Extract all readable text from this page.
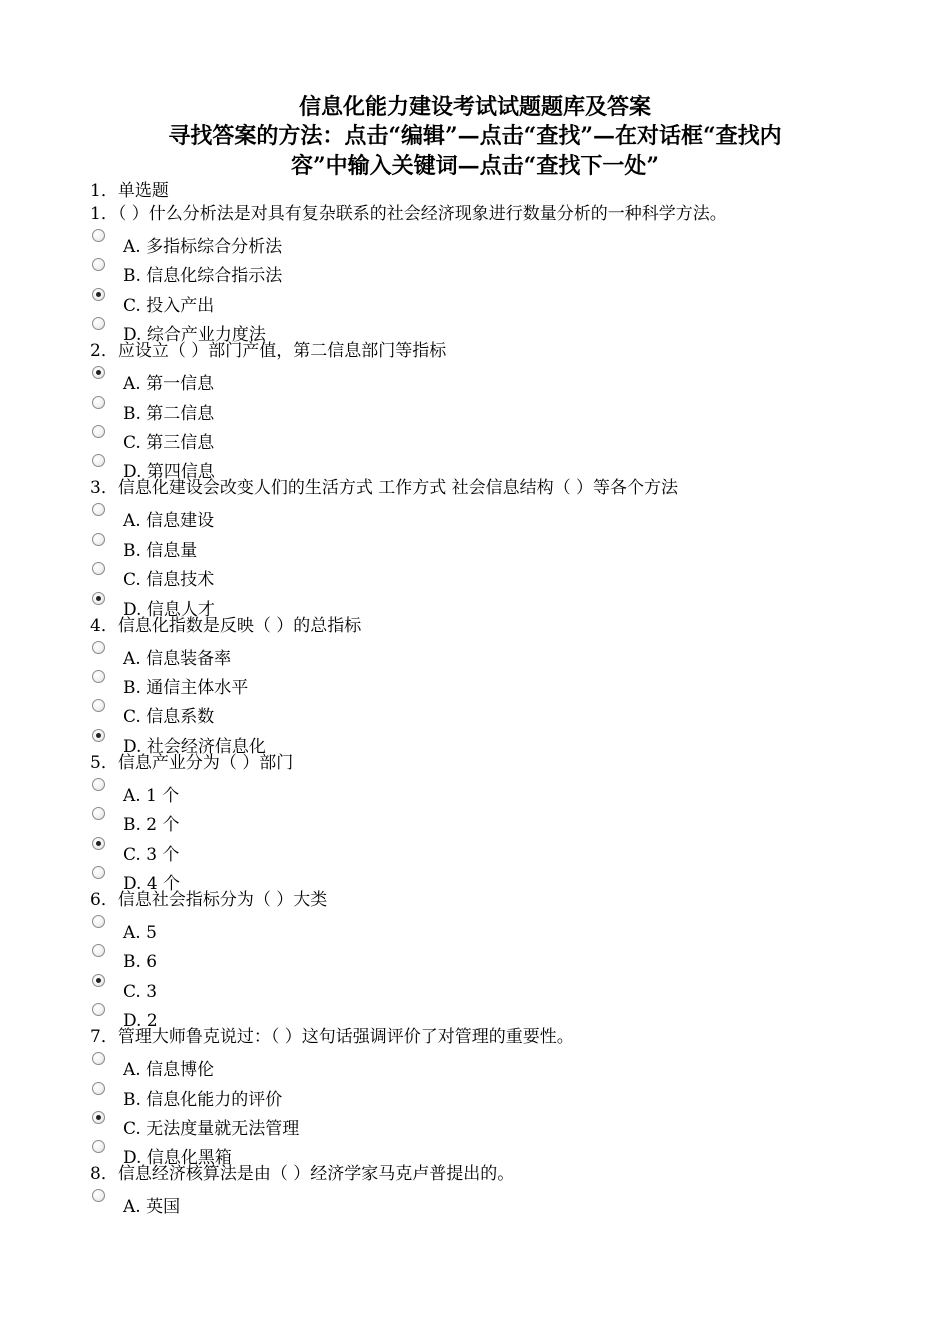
信息化能力建设考试试题题库及答案
寻找答案的方法：点击“编辑”—点击“查找”—在对话框“查找内
容”中输入关键词—点击“查找下一处”
1．单选题
1．（ ）什么分析法是对具有复杂联系的社会经济现象进行数量分析的一种科学方法。
A. 多指标综合分析法
B. 信息化综合指示法
C. 投入产出
D. 综合产业力度法
2．应设立（ ）部门产值，第二信息部门等指标
A. 第一信息
B. 第二信息
C. 第三信息
D. 第四信息
3．信息化建设会改变人们的生活方式 工作方式 社会信息结构（ ）等各个方法
A. 信息建设
B. 信息量
C. 信息技术
D. 信息人才
4．信息化指数是反映（ ）的总指标
A. 信息装备率
B. 通信主体水平
C. 信息系数
D. 社会经济信息化
5．信息产业分为（ ）部门
A. 1 个
B. 2 个
C. 3 个
D. 4 个
6．信息社会指标分为（ ）大类
A. 5
B. 6
C. 3
D. 2
7．管理大师鲁克说过：（ ）这句话强调评价了对管理的重要性。
A. 信息博伦
B. 信息化能力的评价
C. 无法度量就无法管理
D. 信息化黑箱
8．信息经济核算法是由（ ）经济学家马克卢普提出的。
A. 英国
